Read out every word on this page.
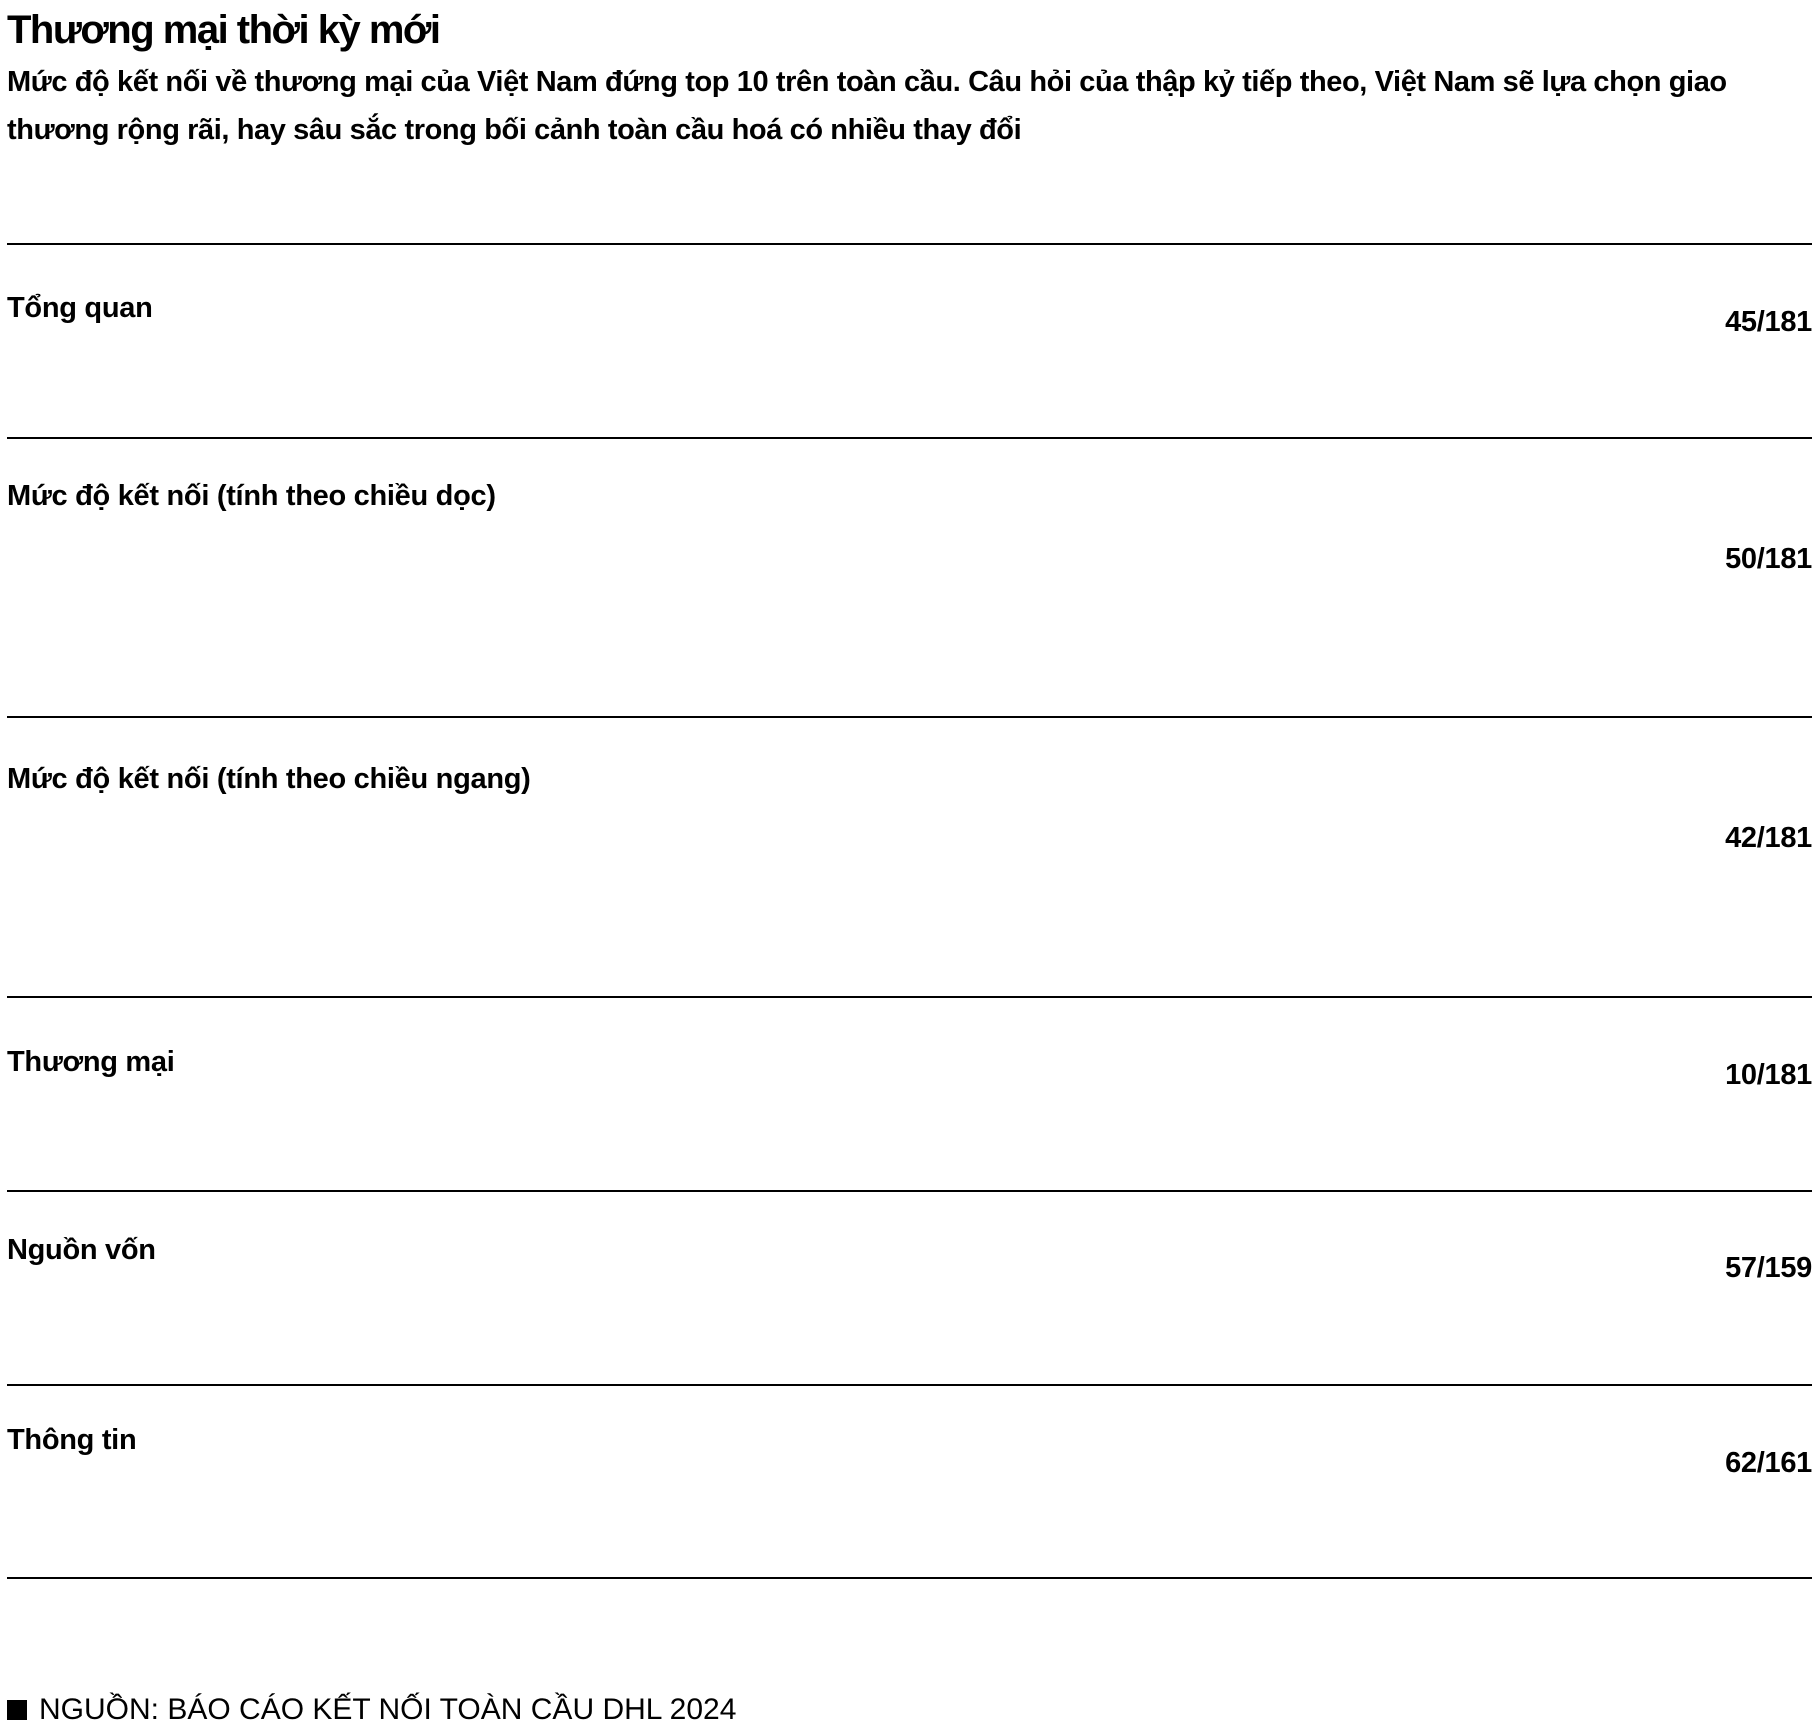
Thương mại thời kỳ mới

Mức độ kết nối về thương mại của Việt Nam đứng top 10 trên toàn cầu. Câu hỏi của thập kỷ tiếp theo, Việt Nam sẽ lựa chọn giao thương rộng rãi, hay sâu sắc trong bối cảnh toàn cầu hoá có nhiều thay đổi

Tổng quan	45/181
Mức độ kết nối (tính theo chiều dọc)
50/181
Mức độ kết nối (tính theo chiều ngang)
42/181
Thương mại	10/181
Nguồn vốn
57/159
Thông tin
62/161
NGUỒN: BÁO CÁO KẾT NỐI TOÀN CẦU DHL 2024
